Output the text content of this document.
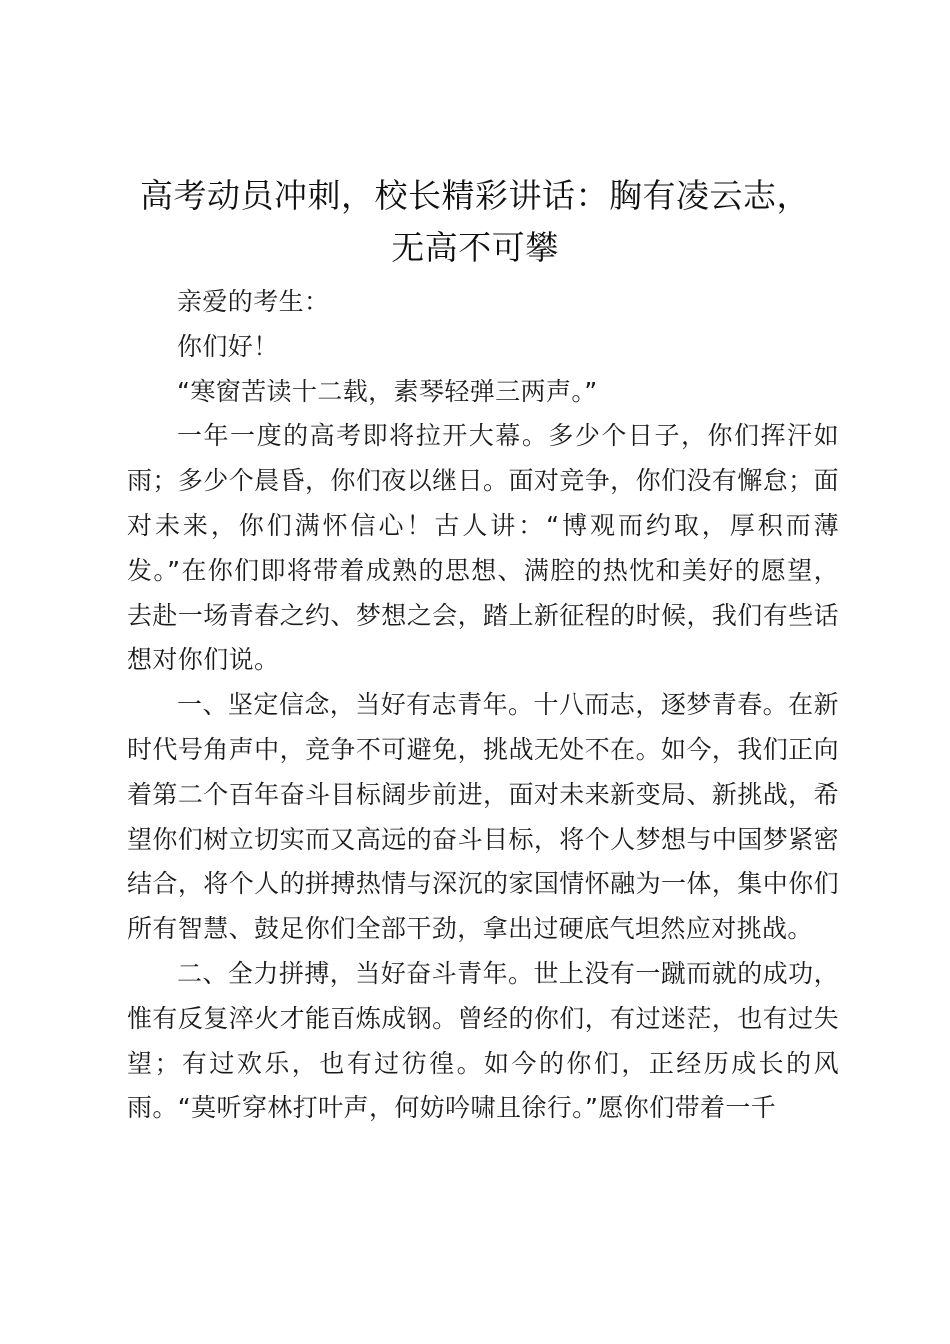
高考动员冲刺，校长精彩讲话：胸有凌云志，
无高不可攀

亲爱的考生：

你们好！

“寒窗苦读十二载，素琴轻弹三两声。”

一年一度的高考即将拉开大幕。多少个日子，你们挥汗如雨；多少个晨昏，你们夜以继日。面对竞争，你们没有懈怠；面对未来，你们满怀信心！古人讲：“博观而约取，厚积而薄发。”在你们即将带着成熟的思想、满腔的热忱和美好的愿望，去赴一场青春之约、梦想之会，踏上新征程的时候，我们有些话想对你们说。

一、坚定信念，当好有志青年。十八而志，逐梦青春。在新时代号角声中，竞争不可避免，挑战无处不在。如今，我们正向着第二个百年奋斗目标阔步前进，面对未来新变局、新挑战，希望你们树立切实而又高远的奋斗目标，将个人梦想与中国梦紧密结合，将个人的拼搏热情与深沉的家国情怀融为一体，集中你们所有智慧、鼓足你们全部干劲，拿出过硬底气坦然应对挑战。

二、全力拼搏，当好奋斗青年。世上没有一蹴而就的成功，惟有反复淬火才能百炼成钢。曾经的你们，有过迷茫，也有过失望；有过欢乐，也有过彷徨。如今的你们，正经历成长的风雨。“莫听穿林打叶声，何妨吟啸且徐行。”愿你们带着一千
